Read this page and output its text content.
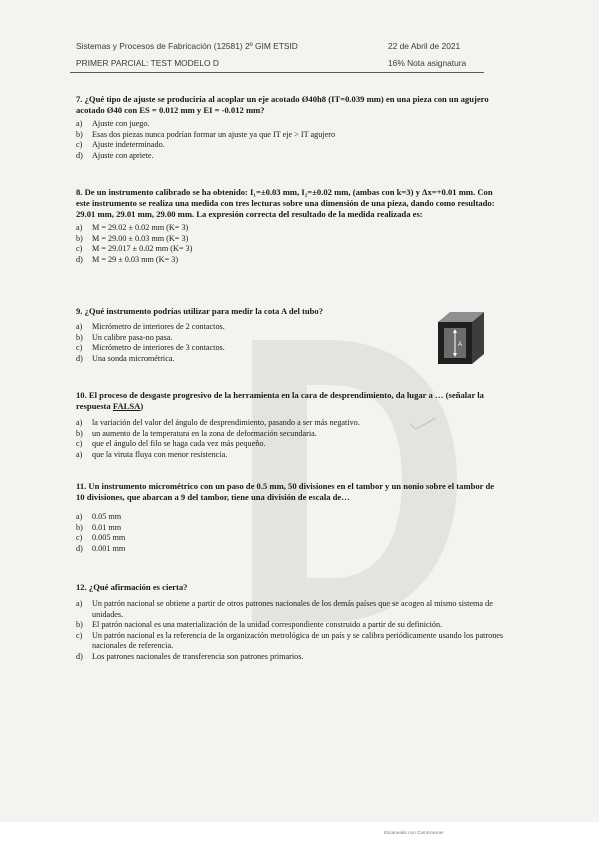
Sistemas y Procesos de Fabricación (12581) 2º GIM ETSID	22 de Abril de 2021
PRIMER PARCIAL: TEST MODELO D	16% Nota asignatura
7. ¿Qué tipo de ajuste se produciría al acoplar un eje acotado Ø40h8 (IT=0.039 mm) en una pieza con un agujero acotado Ø40 con ES = 0.012 mm y EI = -0.012 mm?
a)	Ajuste con juego.
b)	Esas dos piezas nunca podrían formar un ajuste ya que IT eje > IT agujero
c)	Ajuste indeterminado.
d)	Ajuste con apriete.
8. De un instrumento calibrado se ha obtenido: I₁=±0.03 mm, I₂=±0.02 mm, (ambas con k=3) y Δx=+0.01 mm. Con este instrumento se realiza una medida con tres lecturas sobre una dimensión de una pieza, dando como resultado: 29.01 mm, 29.01 mm, 29.00 mm. La expresión correcta del resultado de la medida realizada es:
a)	M = 29.02 ± 0.02 mm (K= 3)
b)	M = 29.00 ± 0.03 mm (K= 3)
c)	M = 29.017 ± 0.02 mm (K= 3)
d)	M = 29 ± 0.03 mm (K= 3)
9. ¿Qué instrumento podrías utilizar para medir la cota A del tubo?
a)	Micrómetro de interiores de 2 contactos.
b)	Un calibre pasa-no pasa.
c)	Micrómetro de interiores de 3 contactos.
d)	Una sonda micrométrica.
A
10. El proceso de desgaste progresivo de la herramienta en la cara de desprendimiento, da lugar a … (señalar la respuesta FALSA)
a)	la variación del valor del ángulo de desprendimiento, pasando a ser más negativo.
b)	un aumento de la temperatura en la zona de deformación secundaria.
c)	que el ángulo del filo se haga cada vez más pequeño.
a)	que la viruta fluya con menor resistencia.
11. Un instrumento micrométrico con un paso de 0.5 mm, 50 divisiones en el tambor y un nonio sobre el tambor de 10 divisiones, que abarcan a 9 del tambor, tiene una división de escala de…
a)	0.05 mm
b)	0.01 mm
c)	0.005 mm
d)	0.001 mm
12. ¿Qué afirmación es cierta?
a)	Un patrón nacional se obtiene a partir de otros patrones nacionales de los demás países que se acogen al mismo sistema de unidades.
b)	El patrón nacional es una materialización de la unidad correspondiente construido a partir de su definición.
c)	Un patrón nacional es la referencia de la organización metrológica de un país y se calibra periódicamente usando los patrones nacionales de referencia.
d)	Los patrones nacionales de transferencia son patrones primarios.
Escaneado con CamScanner
